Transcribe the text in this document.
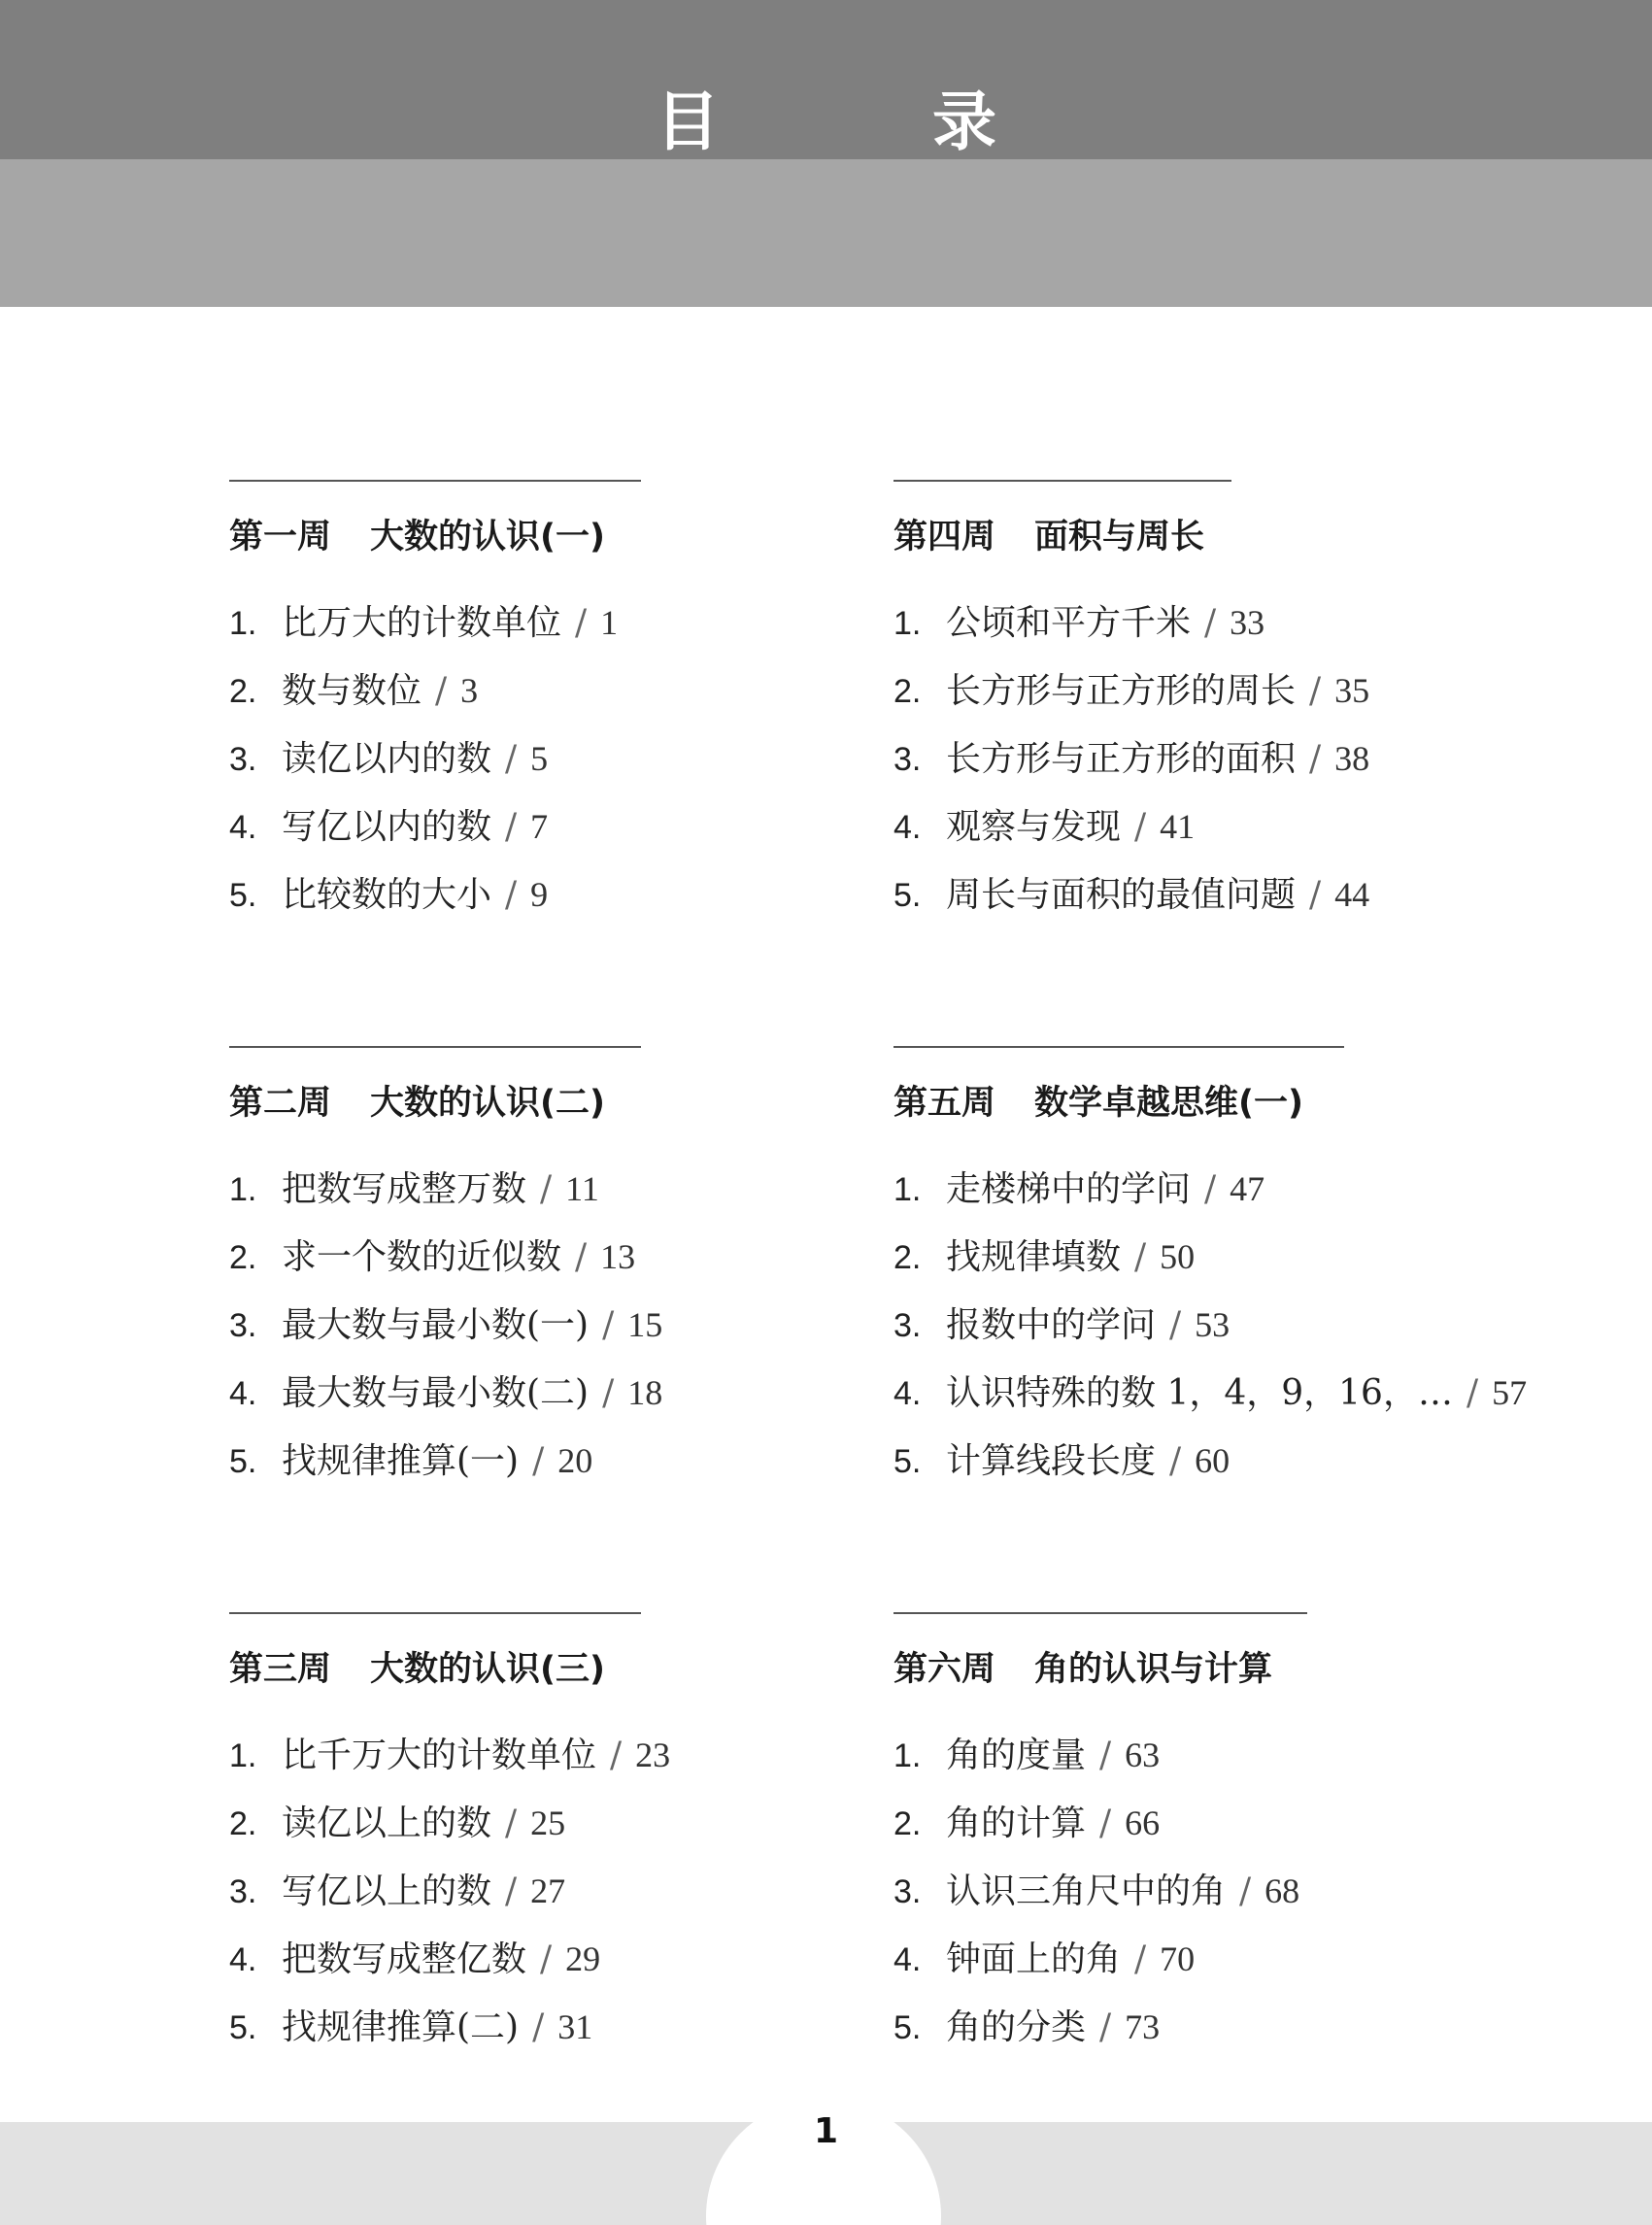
目 录
第一周 大数的认识(一)
1. 比万大的计数单位 / 1
2. 数与数位 / 3
3. 读亿以内的数 / 5
4. 写亿以内的数 / 7
5. 比较数的大小 / 9
第二周 大数的认识(二)
1. 把数写成整万数 / 11
2. 求一个数的近似数 / 13
3. 最大数与最小数(一) / 15
4. 最大数与最小数(二) / 18
5. 找规律推算(一) / 20
第三周 大数的认识(三)
1. 比千万大的计数单位 / 23
2. 读亿以上的数 / 25
3. 写亿以上的数 / 27
4. 把数写成整亿数 / 29
5. 找规律推算(二) / 31
第四周 面积与周长
1. 公顷和平方千米 / 33
2. 长方形与正方形的周长 / 35
3. 长方形与正方形的面积 / 38
4. 观察与发现 / 41
5. 周长与面积的最值问题 / 44
第五周 数学卓越思维(一)
1. 走楼梯中的学问 / 47
2. 找规律填数 / 50
3. 报数中的学问 / 53
4. 认识特殊的数 1，4，9，16，… / 57
5. 计算线段长度 / 60
第六周 角的认识与计算
1. 角的度量 / 63
2. 角的计算 / 66
3. 认识三角尺中的角 / 68
4. 钟面上的角 / 70
5. 角的分类 / 73
1
